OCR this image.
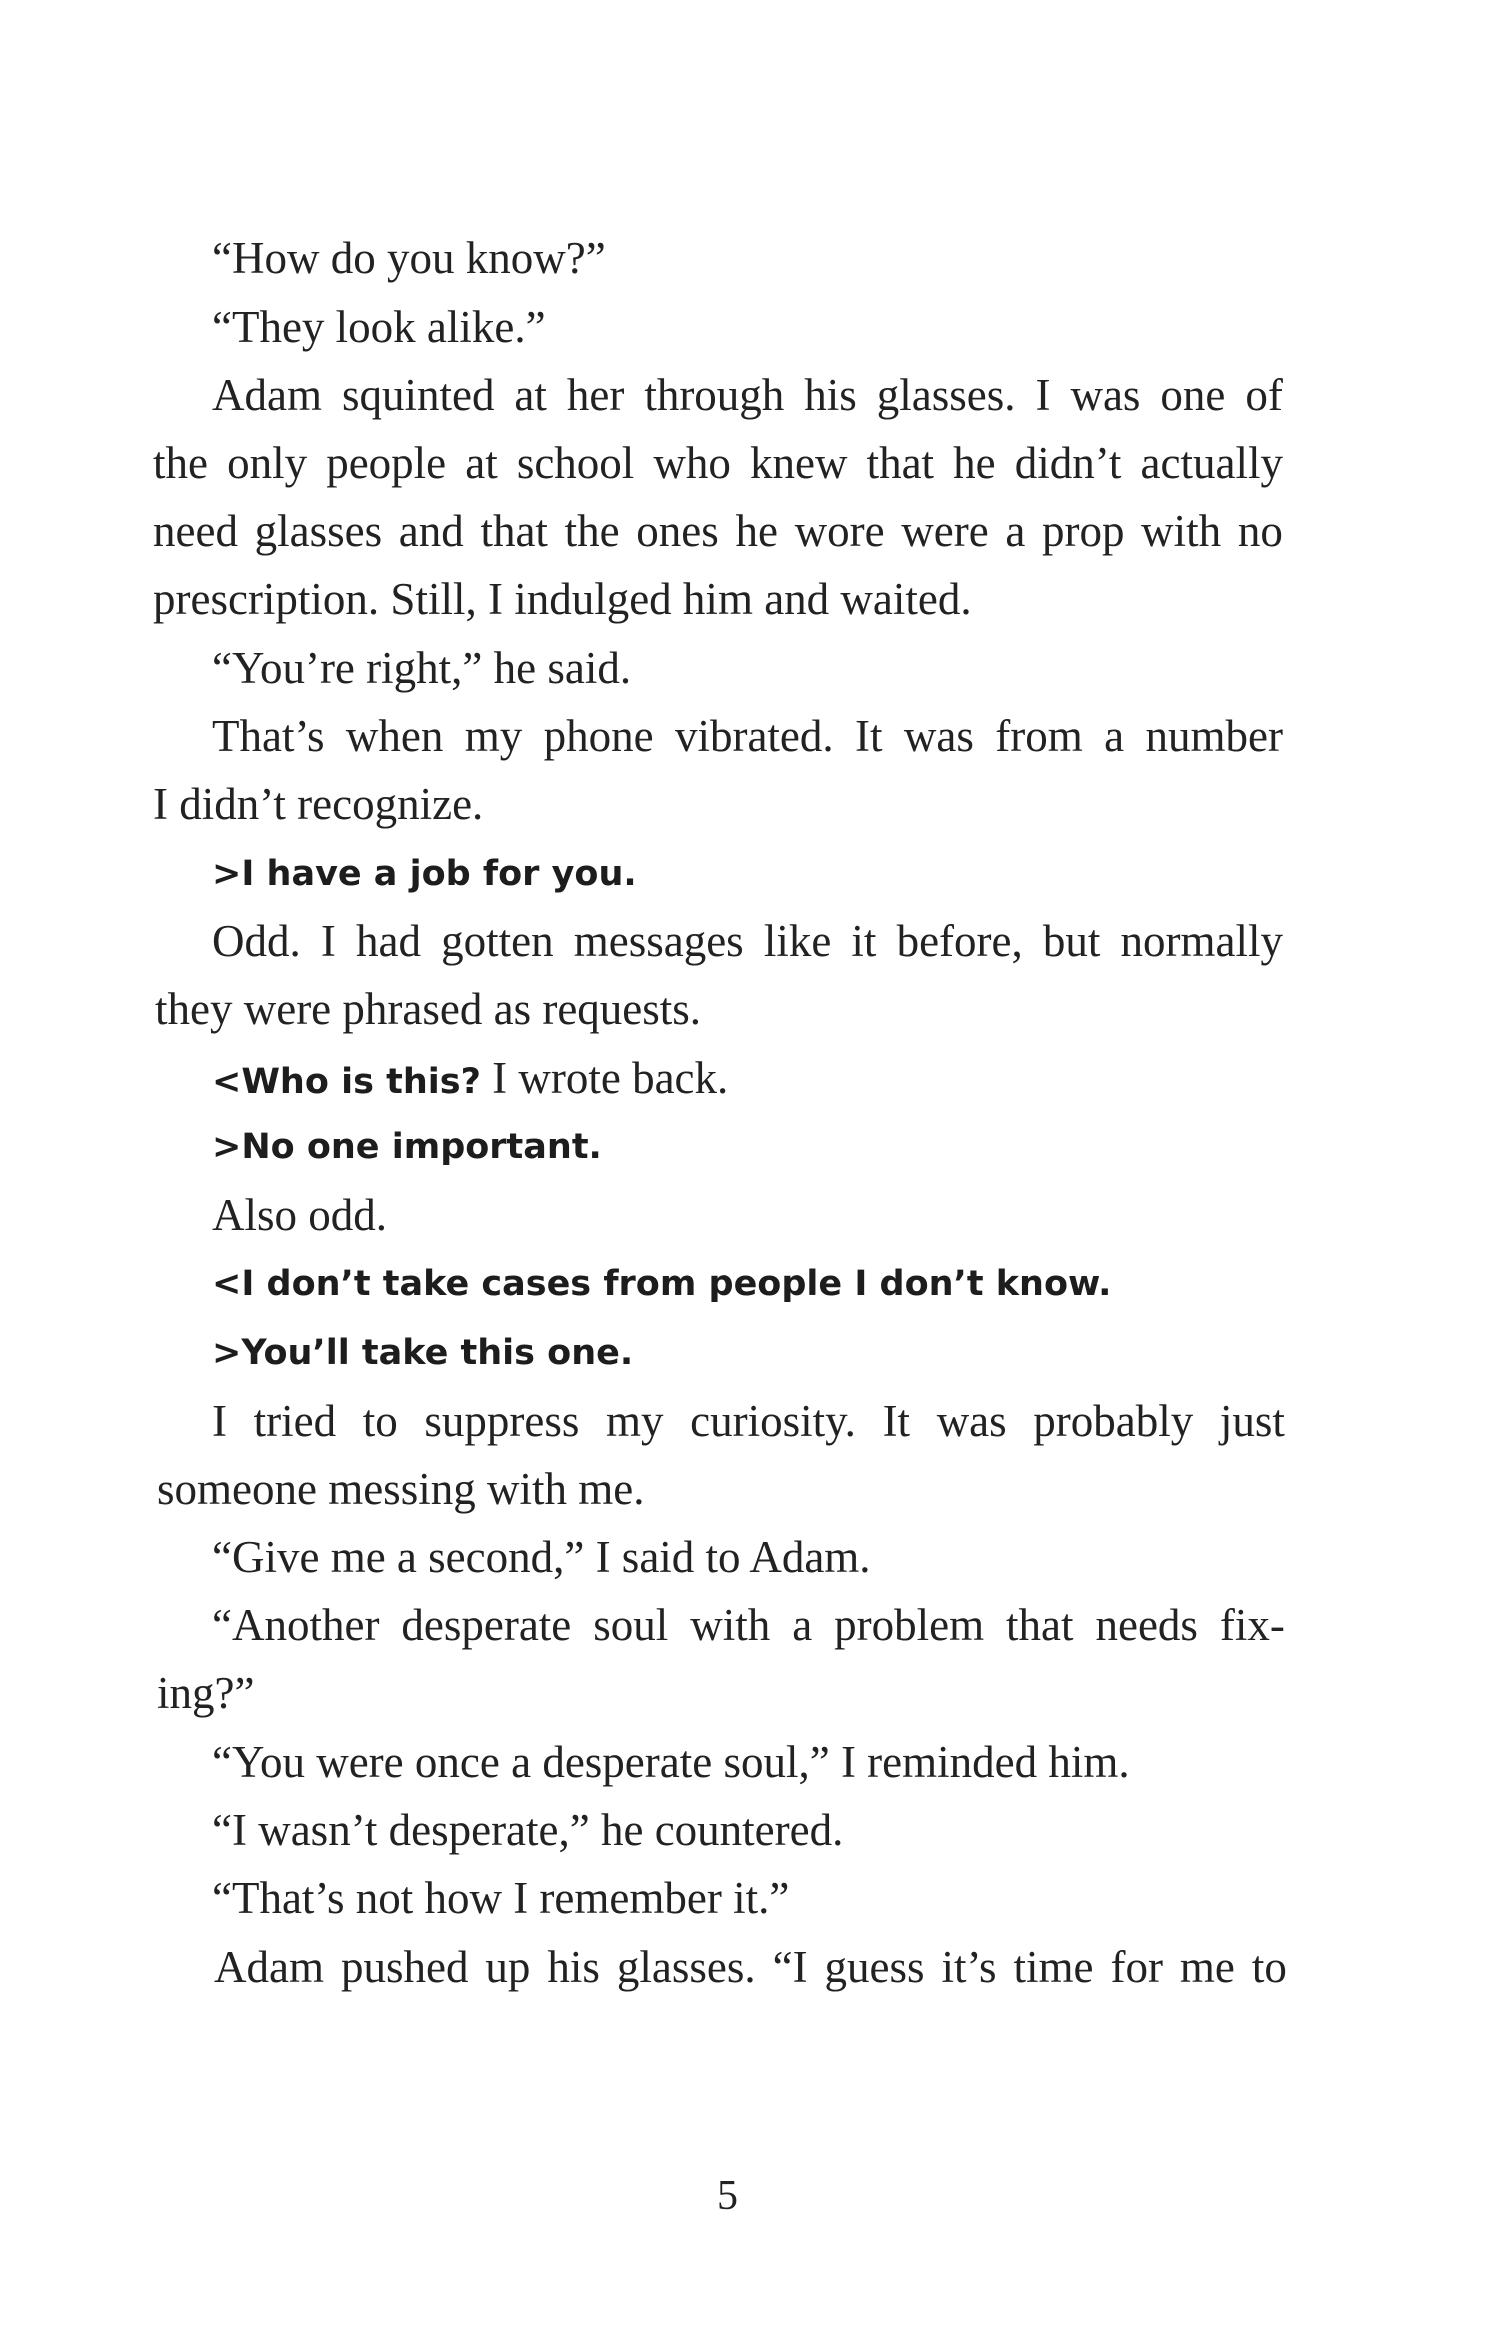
“How do you know?”
“They look alike.”
Adam squinted at her through his glasses. I was one of
the only people at school who knew that he didn’t actually
need glasses and that the ones he wore were a prop with no
prescription. Still, I indulged him and waited.
“You’re right,” he said.
That’s when my phone vibrated. It was from a number
I didn’t recognize.
>I have a job for you.
Odd. I had gotten messages like it before, but normally
they were phrased as requests.
<Who is this? I wrote back.
>No one important.
Also odd.
<I don’t take cases from people I don’t know.
>You’ll take this one.
I tried to suppress my curiosity. It was probably just
someone messing with me.
“Give me a second,” I said to Adam.
“Another desperate soul with a problem that needs fix-
ing?”
“You were once a desperate soul,” I reminded him.
“I wasn’t desperate,” he countered.
“That’s not how I remember it.”
Adam pushed up his glasses. “I guess it’s time for me to
5
